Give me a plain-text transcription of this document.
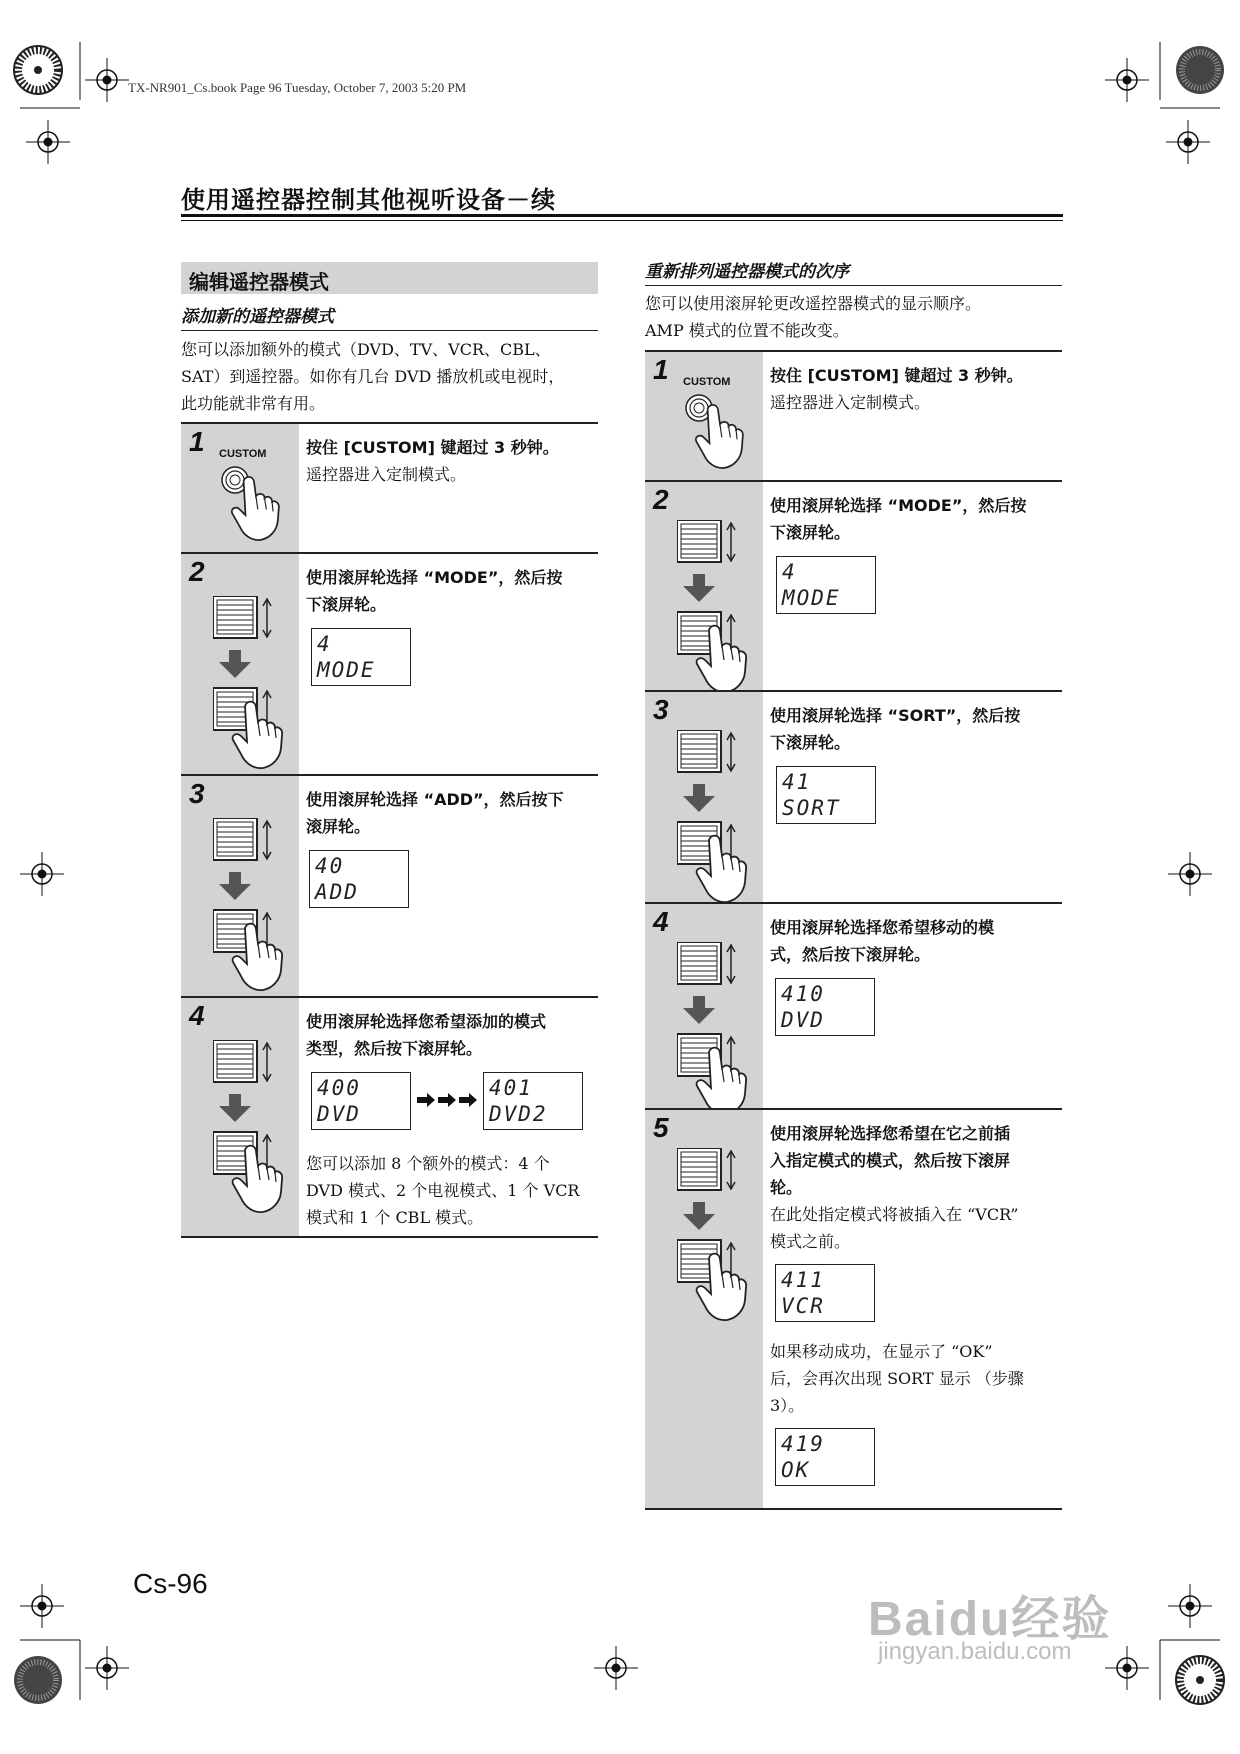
TX-NR901_Cs.book Page 96 Tuesday, October 7, 2003 5:20 PM
使用遥控器控制其他视听设备－续
编辑遥控器模式
添加新的遥控器模式
您可以添加额外的模式（DVD、TV、VCR、CBL、
SAT）到遥控器。如你有几台 DVD 播放机或电视时，
此功能就非常有用。
1 CUSTOM 按住 [CUSTOM] 键超过 3 秒钟。
遥控器进入定制模式。
2	使用滚屏轮选择 “MODE”，然后按
下滚屏轮。
4
MODE
3	使用滚屏轮选择 “ADD”，然后按下
滚屏轮。
40
ADD
4	使用滚屏轮选择您希望添加的模式
类型，然后按下滚屏轮。
400
DVD
401
DVD2
您可以添加 8 个额外的模式：4 个
DVD 模式、2 个电视模式、1 个 VCR
模式和 1 个 CBL 模式。
重新排列遥控器模式的次序
您可以使用滚屏轮更改遥控器模式的显示顺序。
AMP 模式的位置不能改变。
1 CUSTOM 按住 [CUSTOM] 键超过 3 秒钟。
遥控器进入定制模式。
2	使用滚屏轮选择 “MODE”，然后按
下滚屏轮。
4
MODE
3	使用滚屏轮选择 “SORT”，然后按
下滚屏轮。
41
SORT
4	使用滚屏轮选择您希望移动的模
式，然后按下滚屏轮。
410
DVD
5	使用滚屏轮选择您希望在它之前插
入指定模式的模式，然后按下滚屏
轮。
在此处指定模式将被插入在 “VCR”
模式之前。
411
VCR
如果移动成功，在显示了 “OK”
后，会再次出现 SORT 显示 （步骤
3）。
419
OK
Cs-96
Baidu经验
jingyan.baidu.com
